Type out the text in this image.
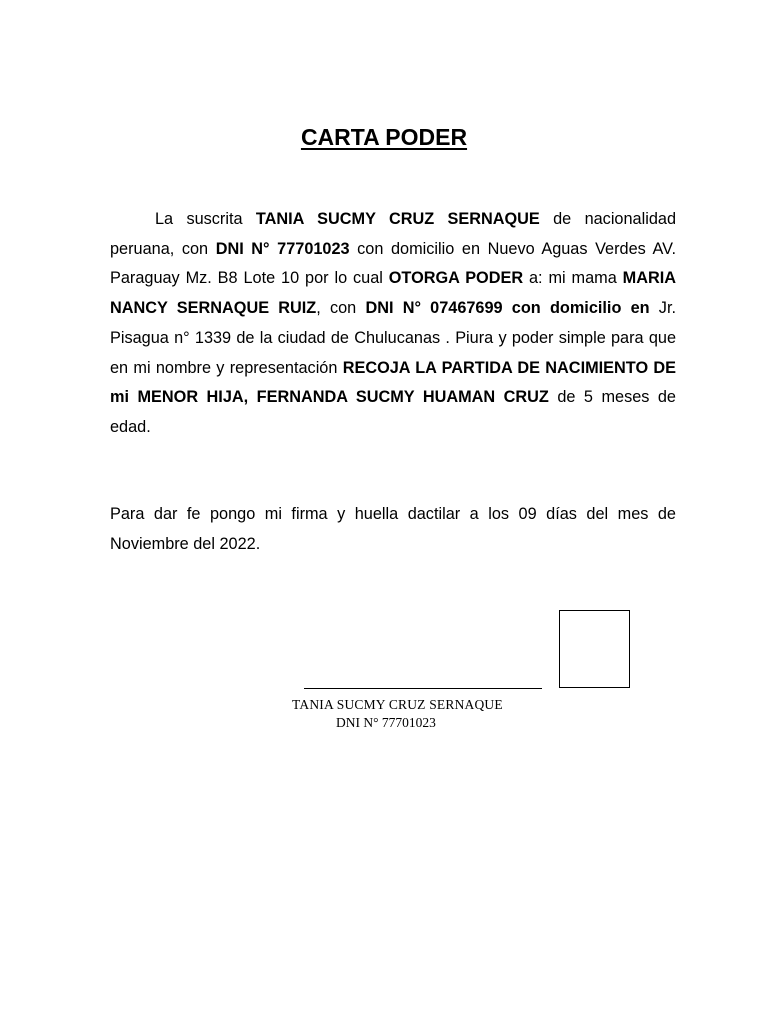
CARTA PODER
La suscrita TANIA SUCMY CRUZ SERNAQUE de nacionalidad peruana, con DNI N° 77701023 con domicilio en Nuevo Aguas Verdes AV. Paraguay Mz. B8 Lote 10 por lo cual OTORGA PODER a: mi mama MARIA NANCY SERNAQUE RUIZ, con DNI N° 07467699 con domicilio en Jr. Pisagua n° 1339 de la ciudad de Chulucanas . Piura y poder simple para que en mi nombre y representación RECOJA LA PARTIDA DE NACIMIENTO DE mi MENOR HIJA, FERNANDA SUCMY HUAMAN CRUZ de 5 meses de edad.
Para dar fe pongo mi firma y huella dactilar a los 09 días del mes de Noviembre del 2022.
TANIA SUCMY CRUZ SERNAQUE
DNI N° 77701023
